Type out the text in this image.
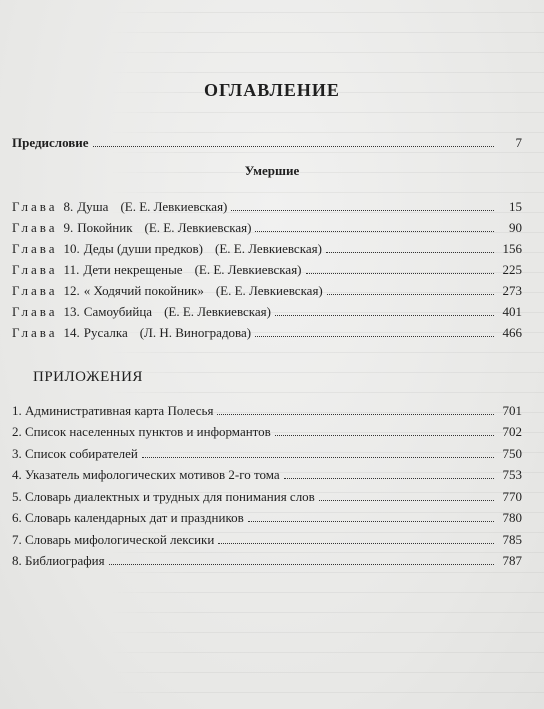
ОГЛАВЛЕНИЕ
Предисловие	7
Умершие
Глава 8. Душа (Е. Е. Левкиевская)	15
Глава 9. Покойник (Е. Е. Левкиевская)	90
Глава 10. Деды (души предков) (Е. Е. Левкиевская)	156
Глава 11. Дети некрещеные (Е. Е. Левкиевская)	225
Глава 12. « Ходячий покойник» (Е. Е. Левкиевская)	273
Глава 13. Самоубийца (Е. Е. Левкиевская)	401
Глава 14. Русалка (Л. Н. Виноградова)	466
ПРИЛОЖЕНИЯ
1. Административная карта Полесья	701
2. Список населенных пунктов и информантов	702
3. Список собирателей	750
4. Указатель мифологических мотивов 2-го тома	753
5. Словарь диалектных и трудных для понимания слов	770
6. Словарь календарных дат и праздников	780
7. Словарь мифологической лексики	785
8. Библиография	787
